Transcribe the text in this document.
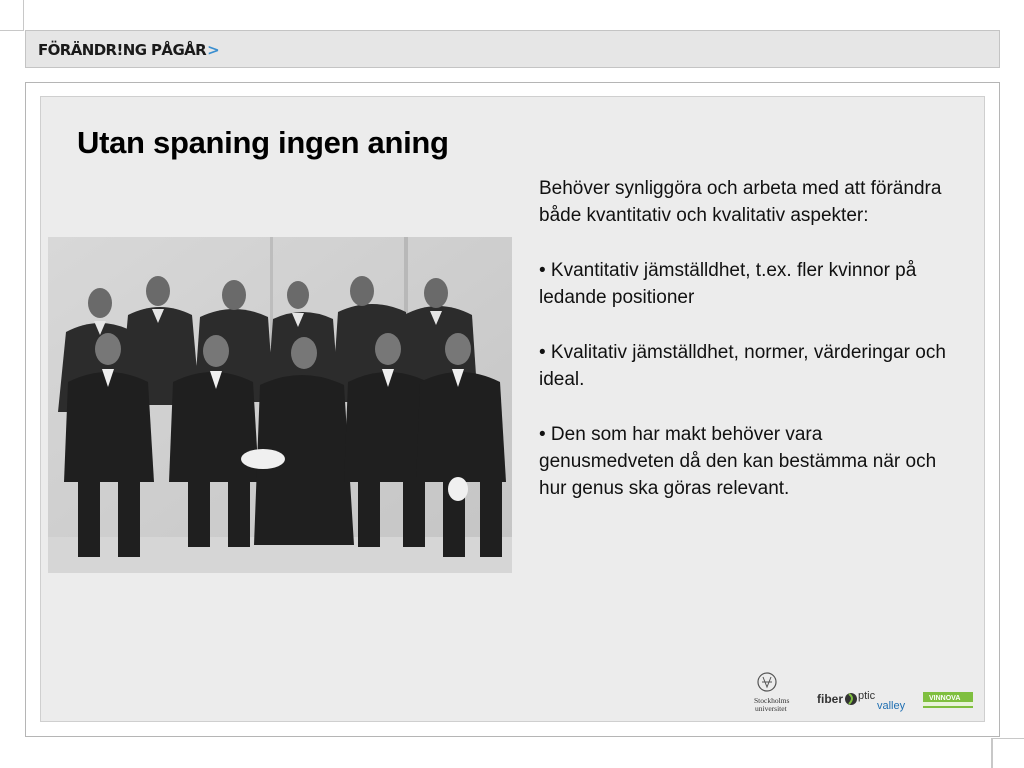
FÖRÄNDR!NG PÅGÅR>
Utan spaning ingen aning

Behöver synliggöra och arbeta med att förändra både kvantitativ och kvalitativ aspekter:

• Kvantitativ jämställdhet, t.ex. fler kvinnor på ledande positioner

• Kvalitativ jämställdhet, normer, värderingar och ideal.

• Den som har makt behöver vara genusmedveten då den kan bestämma när och hur genus ska göras relevant.

Stockholms
universitet
fiber ptic
valley
VINNOVA
